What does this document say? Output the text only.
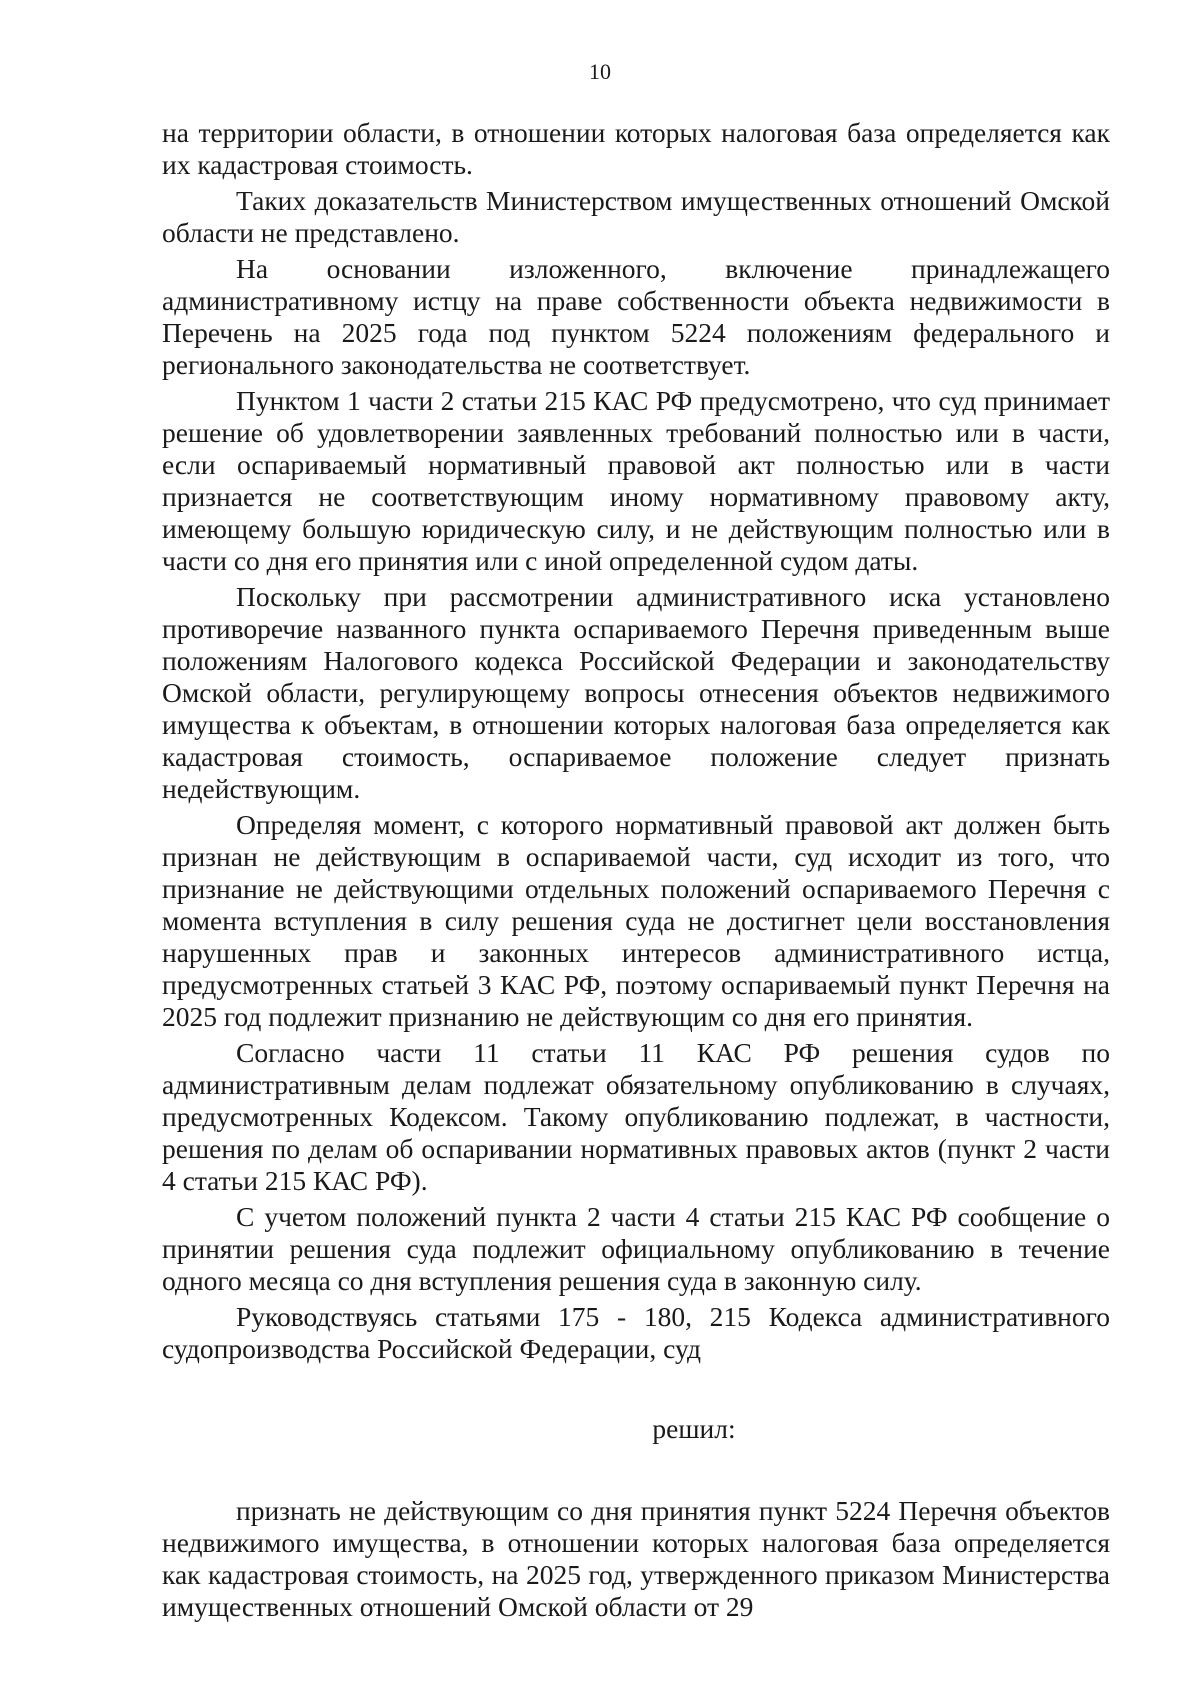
10

на территории области, в отношении которых налоговая база определяется как их кадастровая стоимость.

Таких доказательств Министерством имущественных отношений Омской области не представлено.

На основании изложенного, включение принадлежащего административному истцу на праве собственности объекта недвижимости в Перечень на 2025 года под пунктом 5224 положениям федерального и регионального законодательства не соответствует.

Пунктом 1 части 2 статьи 215 КАС РФ предусмотрено, что суд принимает решение об удовлетворении заявленных требований полностью или в части, если оспариваемый нормативный правовой акт полностью или в части признается не соответствующим иному нормативному правовому акту, имеющему большую юридическую силу, и не действующим полностью или в части со дня его принятия или с иной определенной судом даты.

Поскольку при рассмотрении административного иска установлено противоречие названного пункта оспариваемого Перечня приведенным выше положениям Налогового кодекса Российской Федерации и законодательству Омской области, регулирующему вопросы отнесения объектов недвижимого имущества к объектам, в отношении которых налоговая база определяется как кадастровая стоимость, оспариваемое положение следует признать недействующим.

Определяя момент, с которого нормативный правовой акт должен быть признан не действующим в оспариваемой части, суд исходит из того, что признание не действующими отдельных положений оспариваемого Перечня с момента вступления в силу решения суда не достигнет цели восстановления нарушенных прав и законных интересов административного истца, предусмотренных статьей 3 КАС РФ, поэтому оспариваемый пункт Перечня на 2025 год подлежит признанию не действующим со дня его принятия.

Согласно части 11 статьи 11 КАС РФ решения судов по административным делам подлежат обязательному опубликованию в случаях, предусмотренных Кодексом. Такому опубликованию подлежат, в частности, решения по делам об оспаривании нормативных правовых актов (пункт 2 части 4 статьи 215 КАС РФ).

С учетом положений пункта 2 части 4 статьи 215 КАС РФ сообщение о принятии решения суда подлежит официальному опубликованию в течение одного месяца со дня вступления решения суда в законную силу.

Руководствуясь статьями 175 - 180, 215 Кодекса административного судопроизводства Российской Федерации, суд

решил:

признать не действующим со дня принятия пункт 5224 Перечня объектов недвижимого имущества, в отношении которых налоговая база определяется как кадастровая стоимость, на 2025 год, утвержденного приказом Министерства имущественных отношений Омской области от 29
